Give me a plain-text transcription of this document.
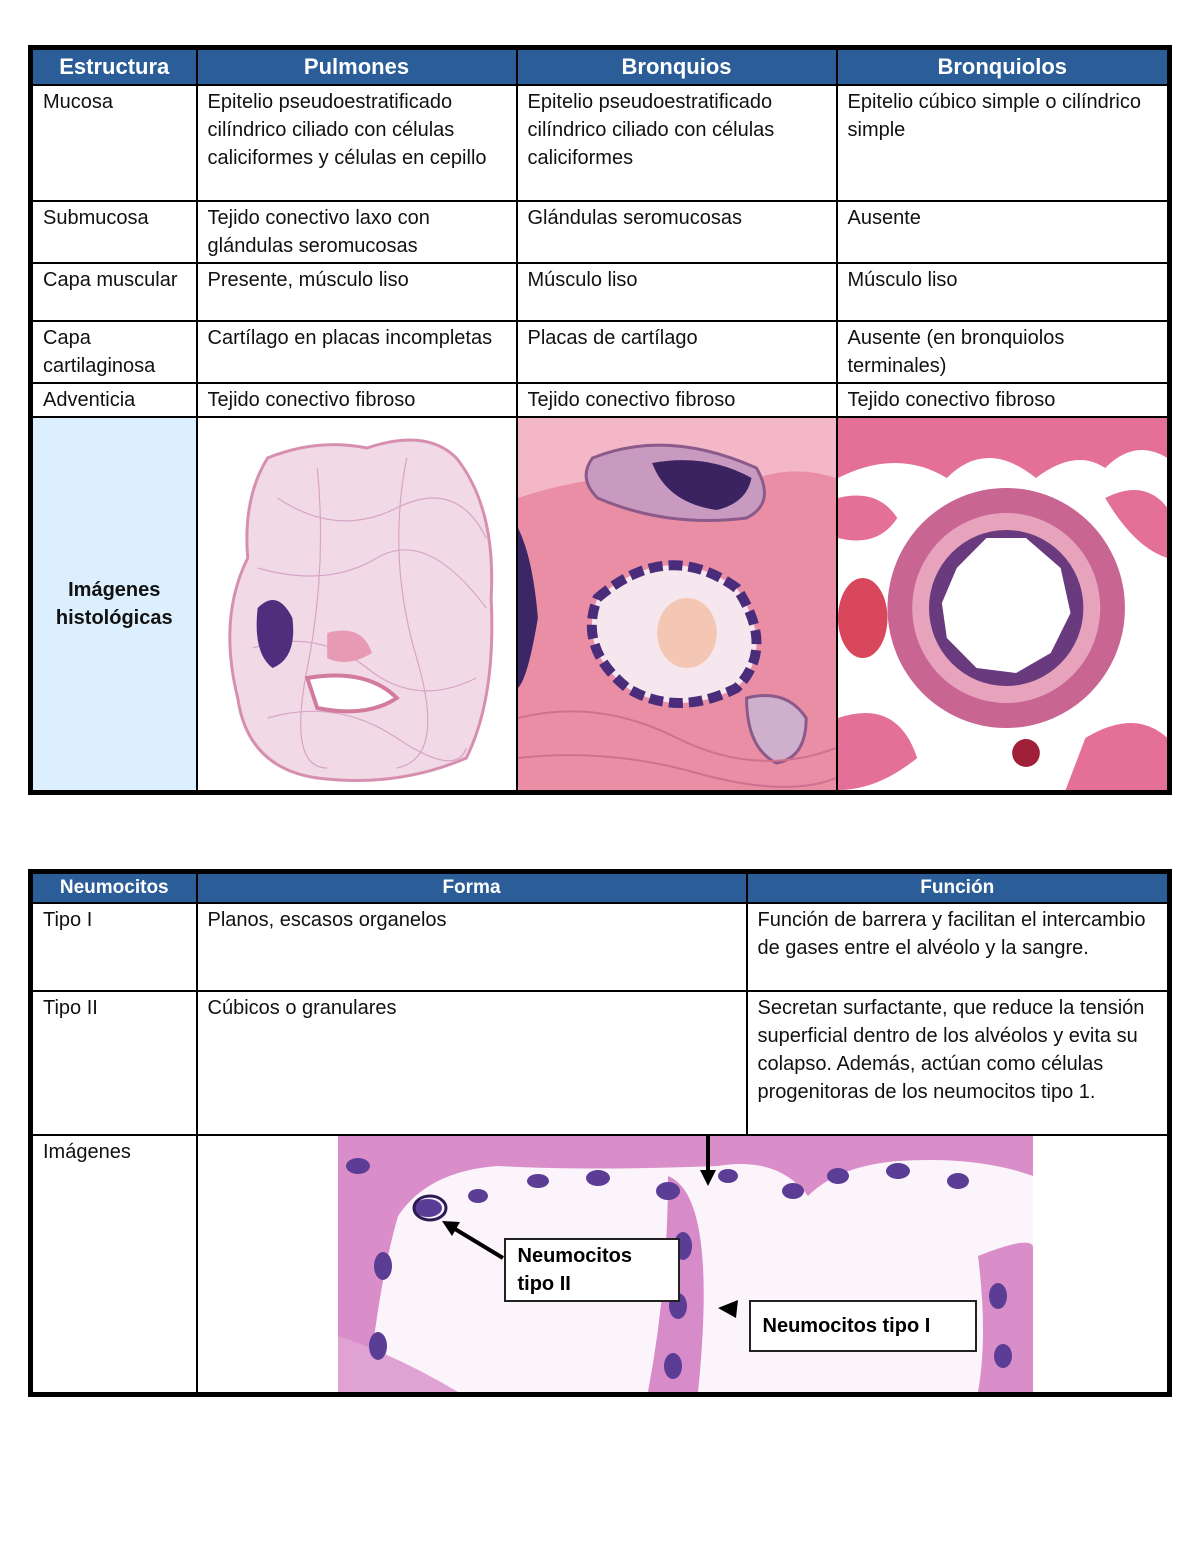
Estructura	Pulmones	Bronquios	Bronquiolos
Mucosa	Epitelio pseudoestratificado cilíndrico ciliado con células caliciformes y células en cepillo	Epitelio pseudoestratificado cilíndrico ciliado con células caliciformes	Epitelio cúbico simple o cilíndrico simple
Submucosa	Tejido conectivo laxo con glándulas seromucosas	Glándulas seromucosas	Ausente
Capa muscular	Presente, músculo liso	Músculo liso	Músculo liso
Capa cartilaginosa	Cartílago en placas incompletas	Placas de cartílago	Ausente (en bronquiolos terminales)
Adventicia	Tejido conectivo fibroso	Tejido conectivo fibroso	Tejido conectivo fibroso
Imágenes histológicas	

Neumocitos	Forma	Función
Tipo I	Planos, escasos organelos	Función de barrera y facilitan el intercambio de gases entre el alvéolo y la sangre.
Tipo II	Cúbicos o granulares	Secretan surfactante, que reduce la tensión superficial dentro de los alvéolos y evita su colapso. Además, actúan como células progenitoras de los neumocitos tipo 1.
Imágenes	Neumocitos tipo II
Neumocitos tipo I	
